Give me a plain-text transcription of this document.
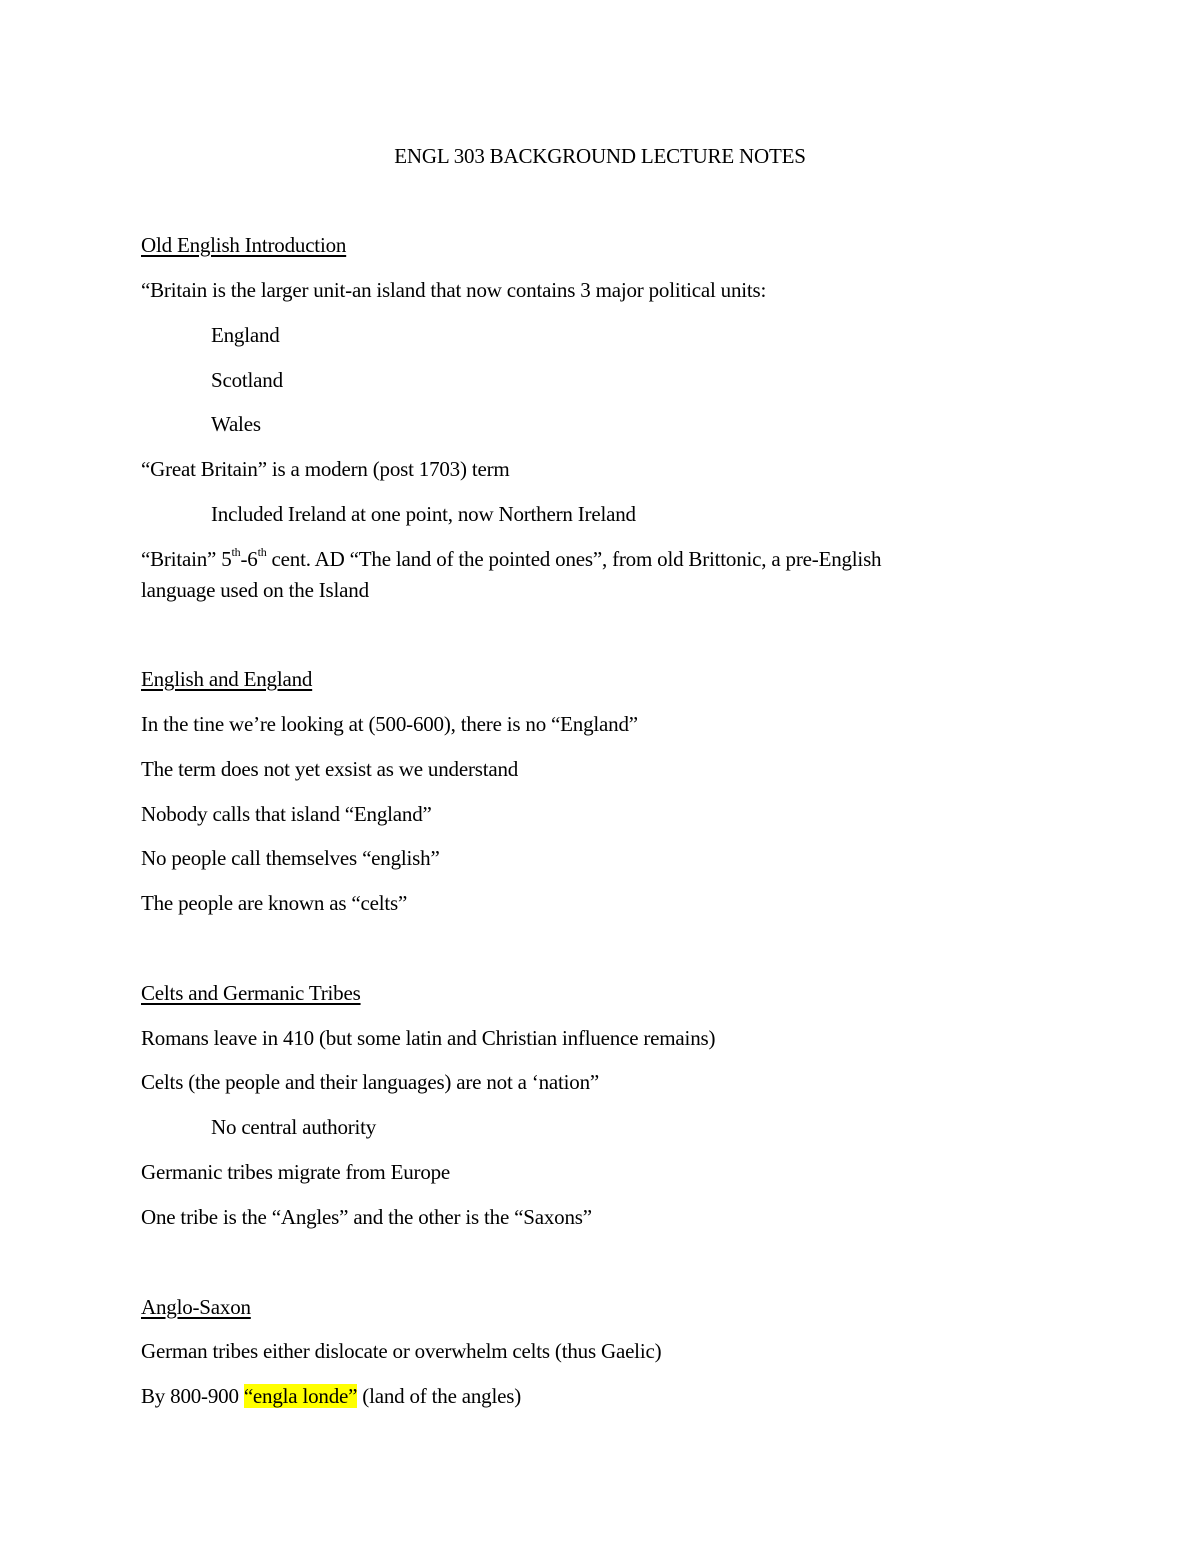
ENGL 303 BACKGROUND LECTURE NOTES
Old English Introduction
“Britain is the larger unit-an island that now contains 3 major political units:
England
Scotland
Wales
“Great Britain” is a modern (post 1703) term
Included Ireland at one point, now Northern Ireland
“Britain” 5th-6th cent. AD “The land of the pointed ones”, from old Brittonic, a pre-English
language used on the Island
English and England
In the tine we’re looking at (500-600), there is no “England”
The term does not yet exsist as we understand
Nobody calls that island “England”
No people call themselves “english”
The people are known as “celts”
Celts and Germanic Tribes
Romans leave in 410 (but some latin and Christian influence remains)
Celts (the people and their languages) are not a ‘nation”
No central authority
Germanic tribes migrate from Europe
One tribe is the “Angles” and the other is the “Saxons”
Anglo-Saxon
German tribes either dislocate or overwhelm celts (thus Gaelic)
By 800-900 “engla londe” (land of the angles)
